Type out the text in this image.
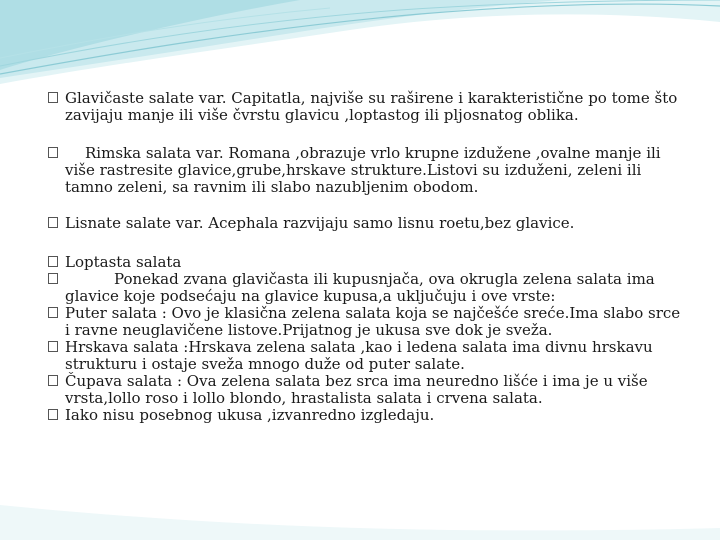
Glavičaste salate var. Capitatla, najviše su raširene i karakteristične po tome što zavijaju manje ili više čvrstu glavicu ,loptastog ili pljosnatog oblika.
Rimska salata var. Romana ,obrazuje vrlo krupne izdužene ,ovalne manje ili
više rastresite glavice,grube,hrskave strukture.Listovi su izduženi, zeleni ili tamno zeleni, sa ravnim ili slabo nazubljenim obodom.
Lisnate salate var. Acephala razvijaju samo lisnu roetu,bez glavice.
Loptasta salata
Ponekad zvana glavičasta ili kupusnjača, ova okrugla zelena salata ima
glavice koje podsećaju na glavice kupusa,a uključuju i ove vrste:
Puter salata : Ovo je klasična zelena salata koja se najčešće sreće.Ima slabo srce i ravne neuglavičene listove.Prijatnog je ukusa sve dok je sveža.
Hrskava salata :Hrskava zelena salata ,kao i ledena salata ima divnu hrskavu strukturu i ostaje sveža mnogo duže od puter salate.
Čupava salata : Ova zelena salata bez srca ima neuredno lišće i ima je u više vrsta,lollo roso i lollo blondo, hrastalista salata i crvena salata.
Iako nisu posebnog ukusa ,izvanredno izgledaju.
